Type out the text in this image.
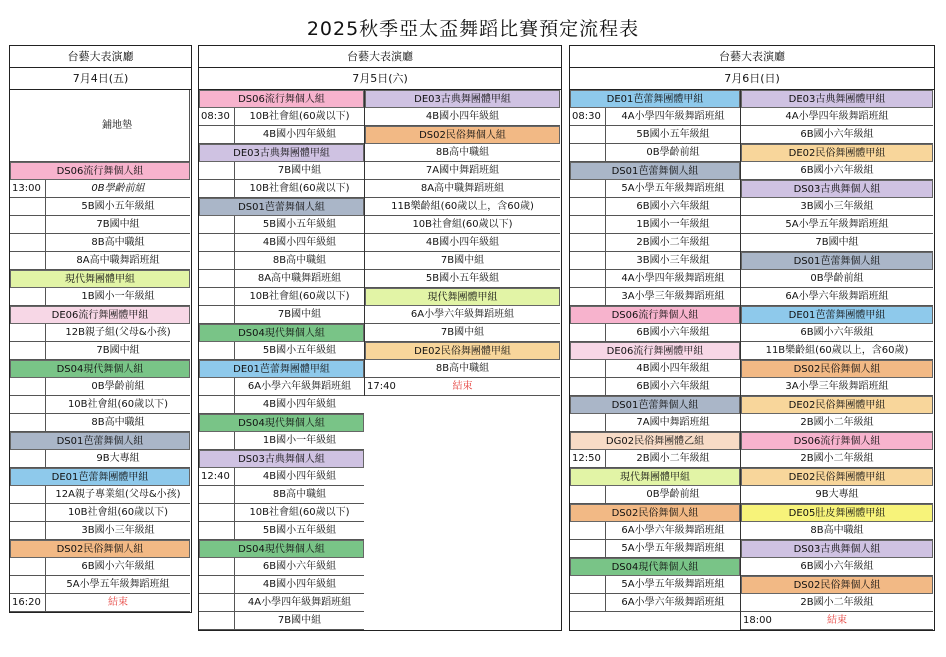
2025秋季亞太盃舞蹈比賽預定流程表
台藝大表演廳
7月4日(五)
鋪地墊
DS06流行舞個人組
13:00	0B學齡前組
5B國小五年級組
7B國中組
8B高中職組
8A高中職舞蹈班組
現代舞團體甲組
1B國小一年級組
DE06流行舞團體甲組
12B親子組(父母&小孩)
7B國中組
DS04現代舞個人組
0B學齡前組
10B社會組(60歲以下)
8B高中職組
DS01芭蕾舞個人組
9B大專組
DE01芭蕾舞團體甲組
12A親子專業組(父母&小孩)
10B社會組(60歲以下)
3B國小三年級組
DS02民俗舞個人組
6B國小六年級組
5A小學五年級舞蹈班組
16:20	結束
台藝大表演廳
7月5日(六)
DS06流行舞個人組
08:30	10B社會組(60歲以下)
4B國小四年級組
DE03古典舞團體甲組
7B國中組
10B社會組(60歲以下)
DS01芭蕾舞個人組
5B國小五年級組
4B國小四年級組
8B高中職組
8A高中職舞蹈班組
10B社會組(60歲以下)
7B國中組
DS04現代舞個人組
5B國小五年級組
DE01芭蕾舞團體甲組
6A小學六年級舞蹈班組
4B國小四年級組
DS04現代舞個人組
1B國小一年級組
DS03古典舞個人組
12:40	4B國小四年級組
8B高中職組
10B社會組(60歲以下)
5B國小五年級組
DS04現代舞個人組
6B國小六年級組
4B國小四年級組
4A小學四年級舞蹈班組
7B國中組
DE03古典舞團體甲組
4B國小四年級組
DS02民俗舞個人組
8B高中職組
7A國中舞蹈班組
8A高中職舞蹈班組
11B樂齡組(60歲以上，含60歲)
10B社會組(60歲以下)
4B國小四年級組
7B國中組
5B國小五年級組
現代舞團體甲組
6A小學六年級舞蹈班組
7B國中組
DE02民俗舞團體甲組
8B高中職組
17:40	結束
台藝大表演廳
7月6日(日)
DE01芭蕾舞團體甲組
08:30	4A小學四年級舞蹈班組
5B國小五年級組
0B學齡前組
DS01芭蕾舞個人組
5A小學五年級舞蹈班組
6B國小六年級組
1B國小一年級組
2B國小二年級組
3B國小三年級組
4A小學四年級舞蹈班組
3A小學三年級舞蹈班組
DS06流行舞個人組
6B國小六年級組
DE06流行舞團體甲組
4B國小四年級組
6B國小六年級組
DS01芭蕾舞個人組
7A國中舞蹈班組
DG02民俗舞團體乙組
12:50	2B國小二年級組
現代舞團體甲組
0B學齡前組
DS02民俗舞個人組
6A小學六年級舞蹈班組
5A小學五年級舞蹈班組
DS04現代舞個人組
5A小學五年級舞蹈班組
6A小學六年級舞蹈班組
DE03古典舞團體甲組
4A小學四年級舞蹈班組
6B國小六年級組
DE02民俗舞團體甲組
6B國小六年級組
DS03古典舞個人組
3B國小三年級組
5A小學五年級舞蹈班組
7B國中組
DS01芭蕾舞個人組
0B學齡前組
6A小學六年級舞蹈班組
DE01芭蕾舞團體甲組
6B國小六年級組
11B樂齡組(60歲以上，含60歲)
DS02民俗舞個人組
3A小學三年級舞蹈班組
DE02民俗舞團體甲組
2B國小二年級組
DS06流行舞個人組
2B國小二年級組
DE02民俗舞團體甲組
9B大專組
DE05肚皮舞團體甲組
8B高中職組
DS03古典舞個人組
6B國小六年級組
DS02民俗舞個人組
2B國小二年級組
18:00	結束
